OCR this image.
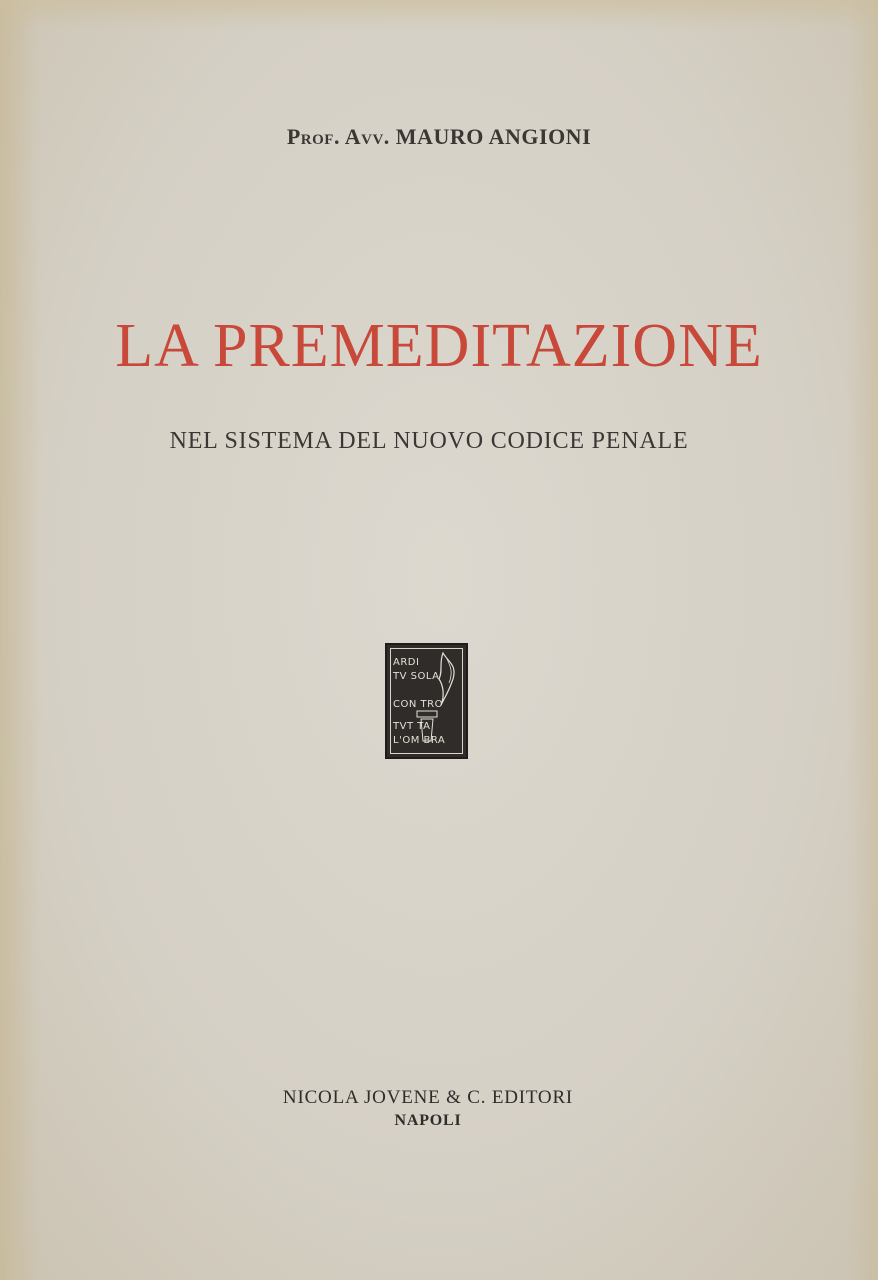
Prof. Avv. MAURO ANGIONI
LA PREMEDITAZIONE
NEL SISTEMA DEL NUOVO CODICE PENALE
ARDI
TV SOLA
CON TRO
TVT TA
L'OM BRA
NICOLA JOVENE & C. EDITORI
NAPOLI
